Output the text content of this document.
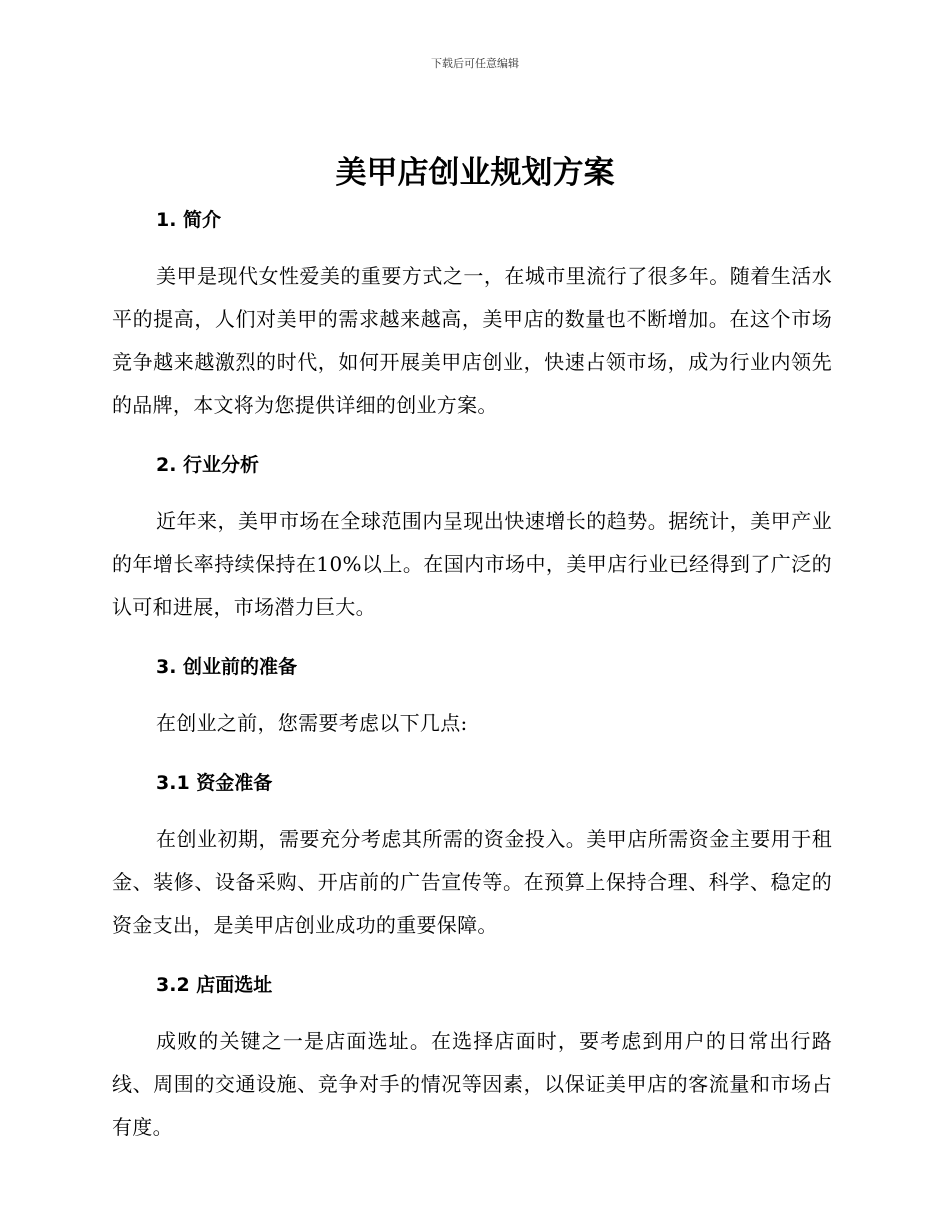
下载后可任意编辑
美甲店创业规划方案
1. 简介

美甲是现代女性爱美的重要方式之一，在城市里流行了很多年。随着生活水平的提高，人们对美甲的需求越来越高，美甲店的数量也不断增加。在这个市场竞争越来越激烈的时代，如何开展美甲店创业，快速占领市场，成为行业内领先的品牌，本文将为您提供详细的创业方案。

2. 行业分析

近年来，美甲市场在全球范围内呈现出快速增长的趋势。据统计，美甲产业的年增长率持续保持在10%以上。在国内市场中，美甲店行业已经得到了广泛的认可和进展，市场潜力巨大。

3. 创业前的准备

在创业之前，您需要考虑以下几点:

3.1 资金准备

在创业初期，需要充分考虑其所需的资金投入。美甲店所需资金主要用于租金、装修、设备采购、开店前的广告宣传等。在预算上保持合理、科学、稳定的资金支出，是美甲店创业成功的重要保障。

3.2 店面选址

成败的关键之一是店面选址。在选择店面时，要考虑到用户的日常出行路线、周围的交通设施、竞争对手的情况等因素，以保证美甲店的客流量和市场占有度。
